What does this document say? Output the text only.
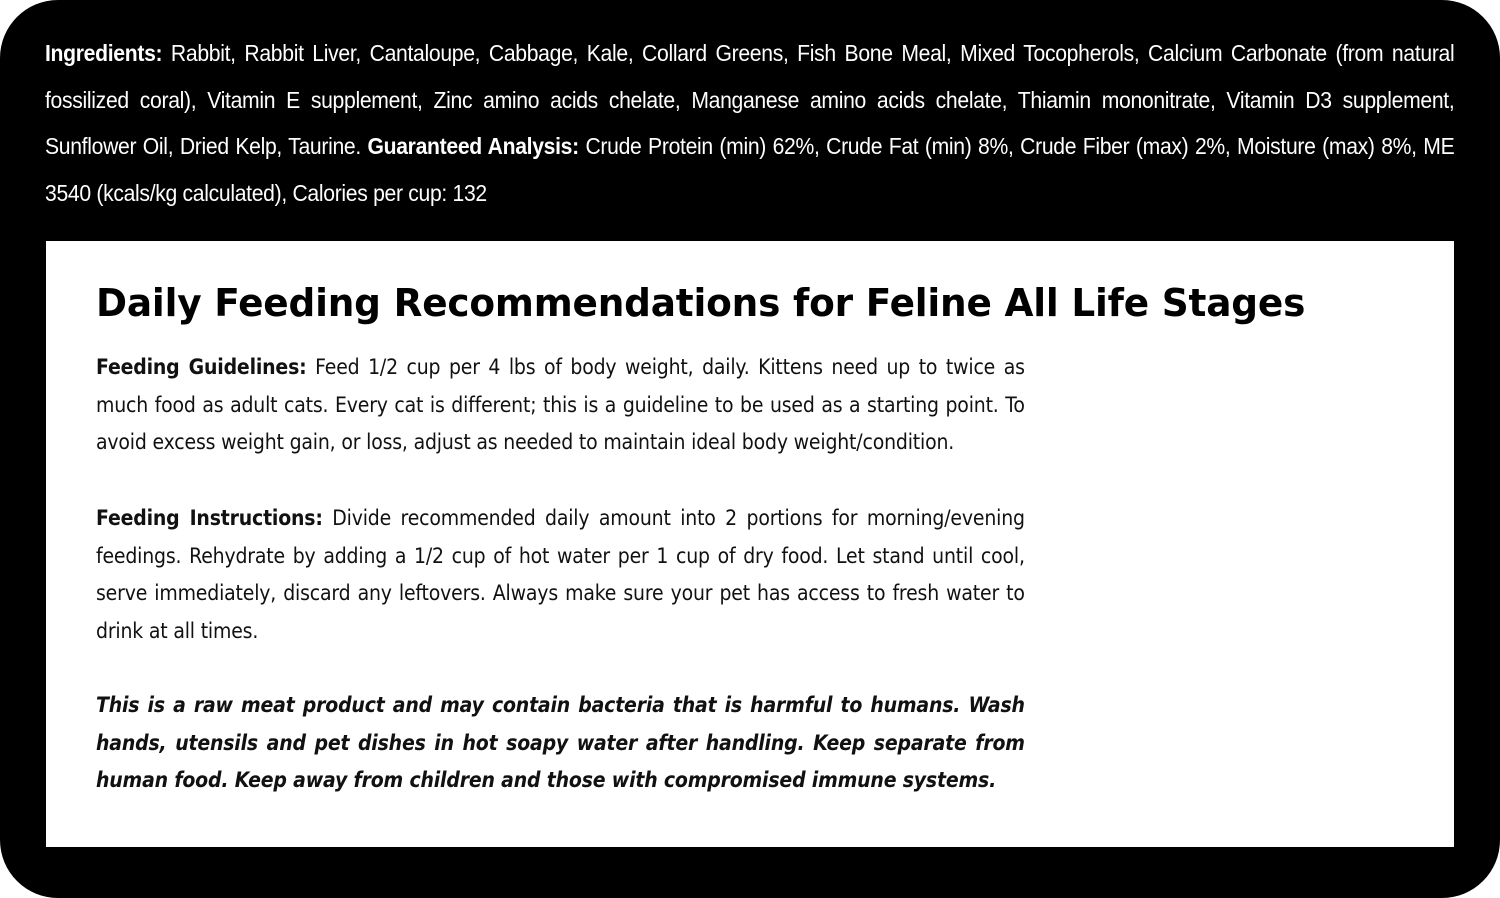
Ingredients: Rabbit, Rabbit Liver, Cantaloupe, Cabbage, Kale, Collard Greens, Fish Bone Meal, Mixed Tocopherols, Calcium Carbonate (from natural fossilized coral), Vitamin E supplement, Zinc amino acids chelate, Manganese amino acids chelate, Thiamin mononitrate, Vitamin D3 supplement, Sunflower Oil, Dried Kelp, Taurine. Guaranteed Analysis: Crude Protein (min) 62%, Crude Fat (min) 8%, Crude Fiber (max) 2%, Moisture (max) 8%, ME 3540 (kcals/kg calculated), Calories per cup: 132

Daily Feeding Recommendations for Feline All Life Stages

Feeding Guidelines: Feed 1/2 cup per 4 lbs of body weight, daily. Kittens need up to twice as much food as adult cats. Every cat is different; this is a guideline to be used as a starting point. To avoid excess weight gain, or loss, adjust as needed to maintain ideal body weight/condition.

Feeding Instructions: Divide recommended daily amount into 2 portions for morning/evening feedings. Rehydrate by adding a 1/2 cup of hot water per 1 cup of dry food. Let stand until cool, serve immediately, discard any leftovers. Always make sure your pet has access to fresh water to drink at all times.

This is a raw meat product and may contain bacteria that is harmful to humans. Wash hands, utensils and pet dishes in hot soapy water after handling. Keep separate from human food. Keep away from children and those with compromised immune systems.
